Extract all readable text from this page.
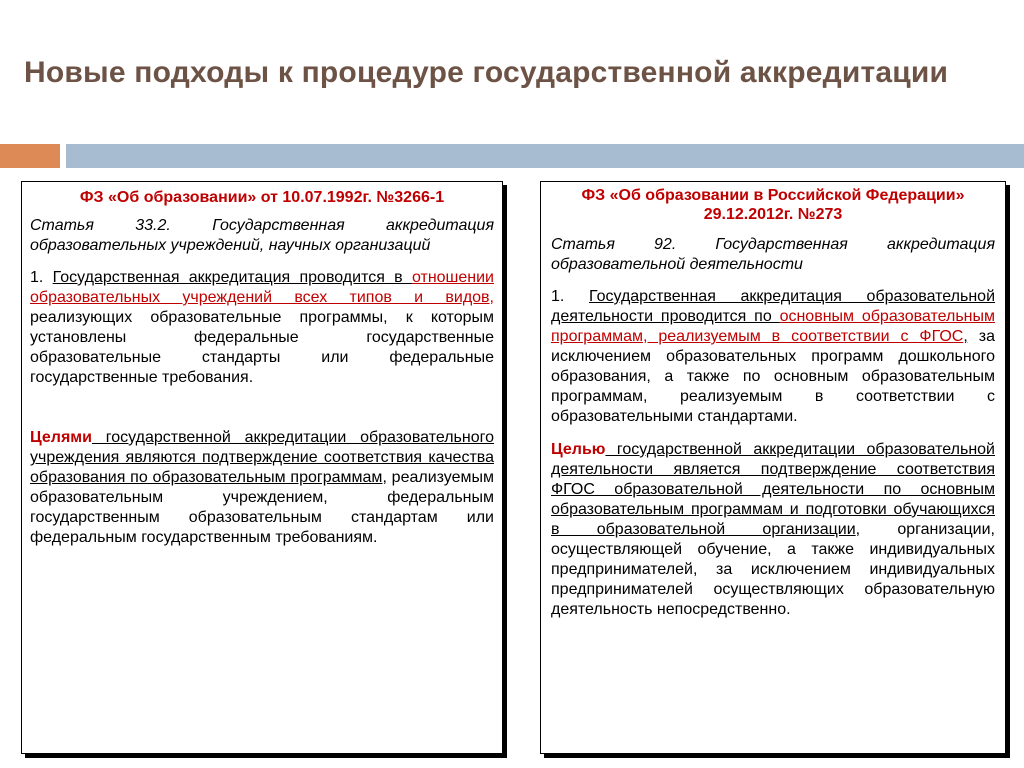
Новые подходы к процедуре государственной аккредитации
ФЗ «Об образовании» от 10.07.1992г. №3266-1

Статья 33.2. Государственная аккредитация образовательных учреждений, научных организаций

1. Государственная аккредитация проводится в отношении образовательных учреждений всех типов и видов, реализующих образовательные программы, к которым установлены федеральные государственные образовательные стандарты или федеральные государственные требования.

Целями государственной аккредитации образовательного учреждения являются подтверждение соответствия качества образования по образовательным программам, реализуемым образовательным учреждением, федеральным государственным образовательным стандартам или федеральным государственным требованиям.

ФЗ «Об образовании в Российской Федерации»
29.12.2012г. №273

Статья 92. Государственная аккредитация образовательной деятельности

1. Государственная аккредитация образовательной деятельности проводится по основным образовательным программам, реализуемым в соответствии с ФГОС, за исключением образовательных программ дошкольного образования, а также по основным образовательным программам, реализуемым в соответствии с образовательными стандартами.

Целью государственной аккредитации образовательной деятельности является подтверждение соответствия ФГОС образовательной деятельности по основным образовательным программам и подготовки обучающихся в образовательной организации, организации, осуществляющей обучение, а также индивидуальных предпринимателей, за исключением индивидуальных предпринимателей осуществляющих образовательную деятельность непосредственно.
